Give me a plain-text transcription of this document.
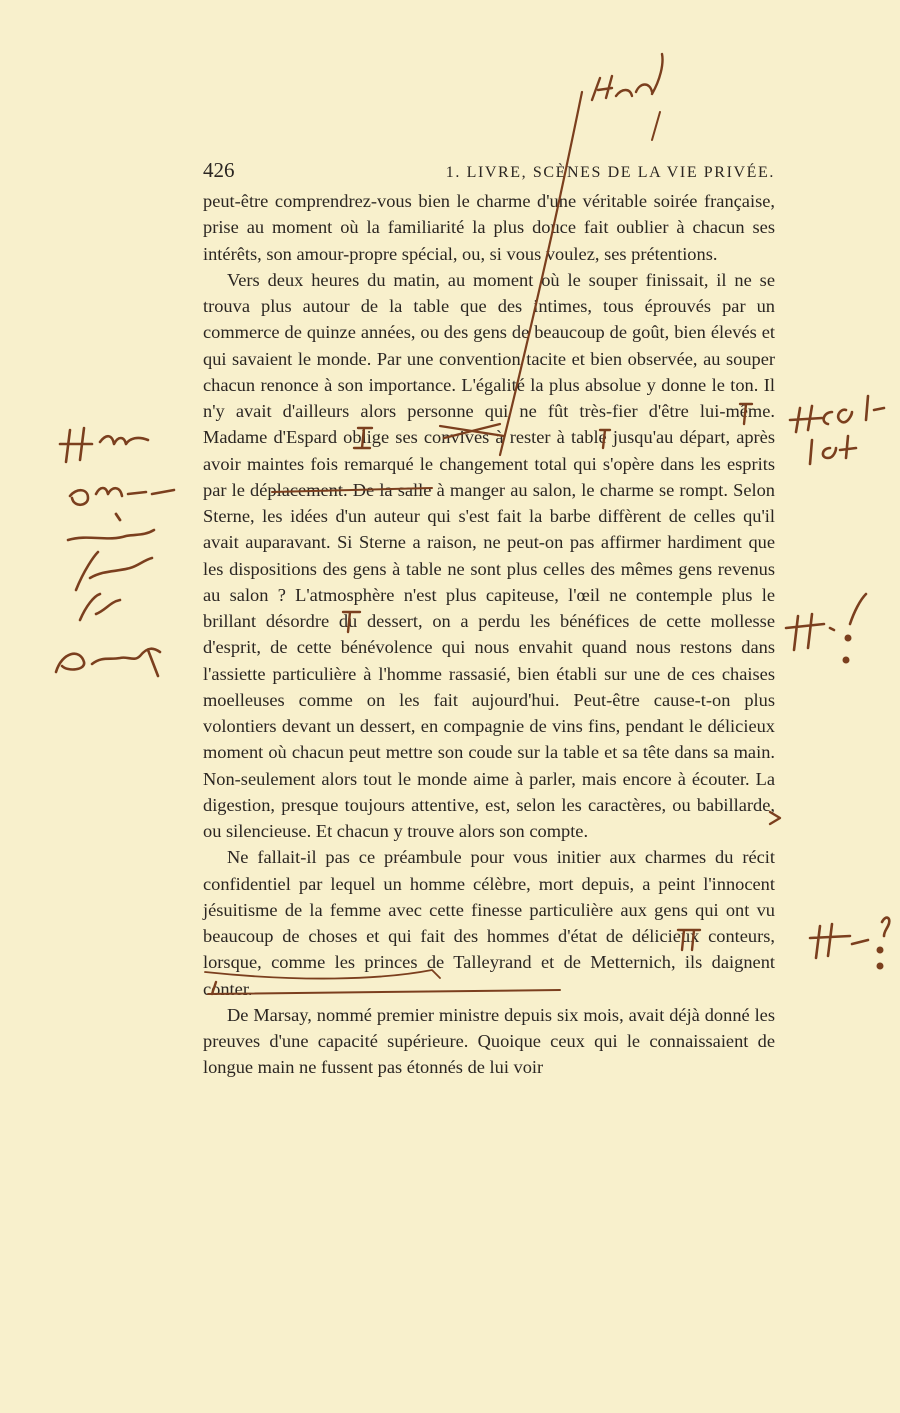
426	1. LIVRE, SCÈNES DE LA VIE PRIVÉE.

peut-être comprendrez-vous bien le charme d'une véritable soirée française, prise au moment où la familiarité la plus douce fait oublier à chacun ses intérêts, son amour-propre spécial, ou, si vous voulez, ses prétentions.

Vers deux heures du matin, au moment où le souper finissait, il ne se trouva plus autour de la table que des intimes, tous éprouvés par un commerce de quinze années, ou des gens de beaucoup de goût, bien élevés et qui savaient le monde. Par une convention tacite et bien observée, au souper chacun renonce à son importance. L'égalité la plus absolue y donne le ton. Il n'y avait d'ailleurs alors personne qui ne fût très-fier d'être lui-même. Madame d'Espard oblige ses convives à rester à table jusqu'au départ, après avoir maintes fois remarqué le changement total qui s'opère dans les esprits par le déplacement. De la salle à manger au salon, le charme se rompt. Selon Sterne, les idées d'un auteur qui s'est fait la barbe diffèrent de celles qu'il avait auparavant. Si Sterne a raison, ne peut-on pas affirmer hardiment que les dispositions des gens à table ne sont plus celles des mêmes gens revenus au salon ? L'atmosphère n'est plus capiteuse, l'œil ne contemple plus le brillant désordre du dessert, on a perdu les bénéfices de cette mollesse d'esprit, de cette bénévolence qui nous envahit quand nous restons dans l'assiette particulière à l'homme rassasié, bien établi sur une de ces chaises moelleuses comme on les fait aujourd'hui. Peut-être cause-t-on plus volontiers devant un dessert, en compagnie de vins fins, pendant le délicieux moment où chacun peut mettre son coude sur la table et sa tête dans sa main. Non-seulement alors tout le monde aime à parler, mais encore à écouter. La digestion, presque toujours attentive, est, selon les caractères, ou babillarde, ou silencieuse. Et chacun y trouve alors son compte.

Ne fallait-il pas ce préambule pour vous initier aux charmes du récit confidentiel par lequel un homme célèbre, mort depuis, a peint l'innocent jésuitisme de la femme avec cette finesse particulière aux gens qui ont vu beaucoup de choses et qui fait des hommes d'état de délicieux conteurs, lorsque, comme les princes de Talleyrand et de Metternich, ils daignent conter.

De Marsay, nommé premier ministre depuis six mois, avait déjà donné les preuves d'une capacité supérieure. Quoique ceux qui le connaissaient de longue main ne fussent pas étonnés de lui voir
